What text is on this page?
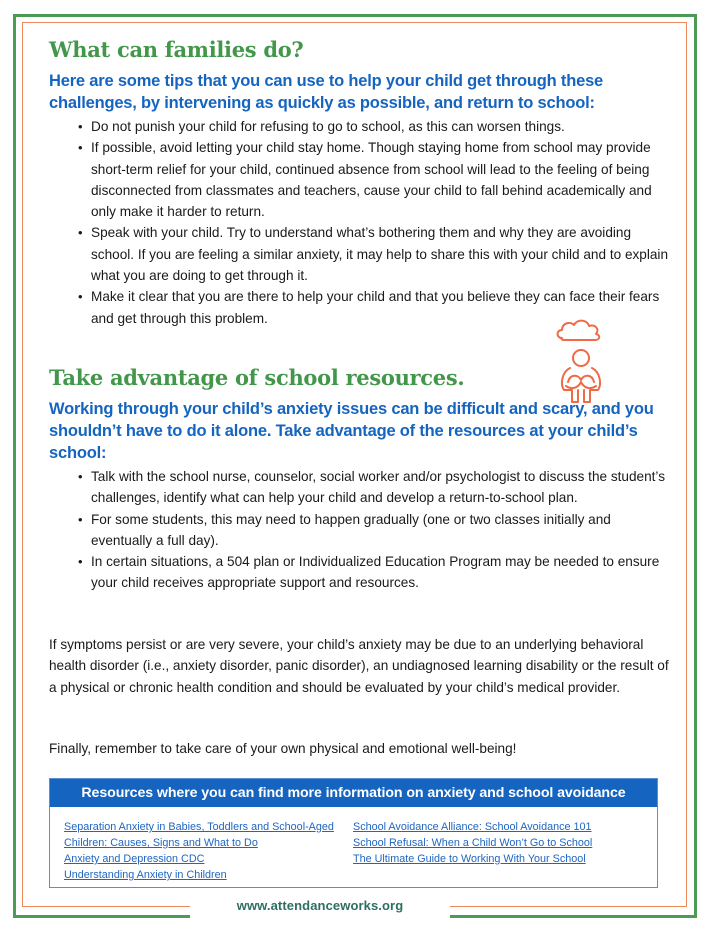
What can families do?
Here are some tips that you can use to help your child get through these challenges, by intervening as quickly as possible, and return to school:
• Do not punish your child for refusing to go to school, as this can worsen things.
• If possible, avoid letting your child stay home. Though staying home from school may provide short-term relief for your child, continued absence from school will lead to the feeling of being disconnected from classmates and teachers, cause your child to fall behind academically and only make it harder to return.
• Speak with your child. Try to understand what’s bothering them and why they are avoiding school. If you are feeling a similar anxiety, it may help to share this with your child and to explain what you are doing to get through it.
• Make it clear that you are there to help your child and that you believe they can face their fears and get through this problem.
Take advantage of school resources.
Working through your child’s anxiety issues can be difficult and scary, and you shouldn’t have to do it alone. Take advantage of the resources at your child’s school:
• Talk with the school nurse, counselor, social worker and/or psychologist to discuss the student’s challenges, identify what can help your child and develop a return-to-school plan.
• For some students, this may need to happen gradually (one or two classes initially and eventually a full day).
• In certain situations, a 504 plan or Individualized Education Program may be needed to ensure your child receives appropriate support and resources.

If symptoms persist or are very severe, your child’s anxiety may be due to an underlying behavioral health disorder (i.e., anxiety disorder, panic disorder), an undiagnosed learning disability or the result of a physical or chronic health condition and should be evaluated by your child’s medical provider.

Finally, remember to take care of your own physical and emotional well-being!

Resources where you can find more information on anxiety and school avoidance
Separation Anxiety in Babies, Toddlers and School-Aged Children: Causes, Signs and What to Do
Anxiety and Depression CDC
Understanding Anxiety in Children
School Avoidance Alliance: School Avoidance 101
School Refusal: When a Child Won’t Go to School
The Ultimate Guide to Working With Your School
www.attendanceworks.org
